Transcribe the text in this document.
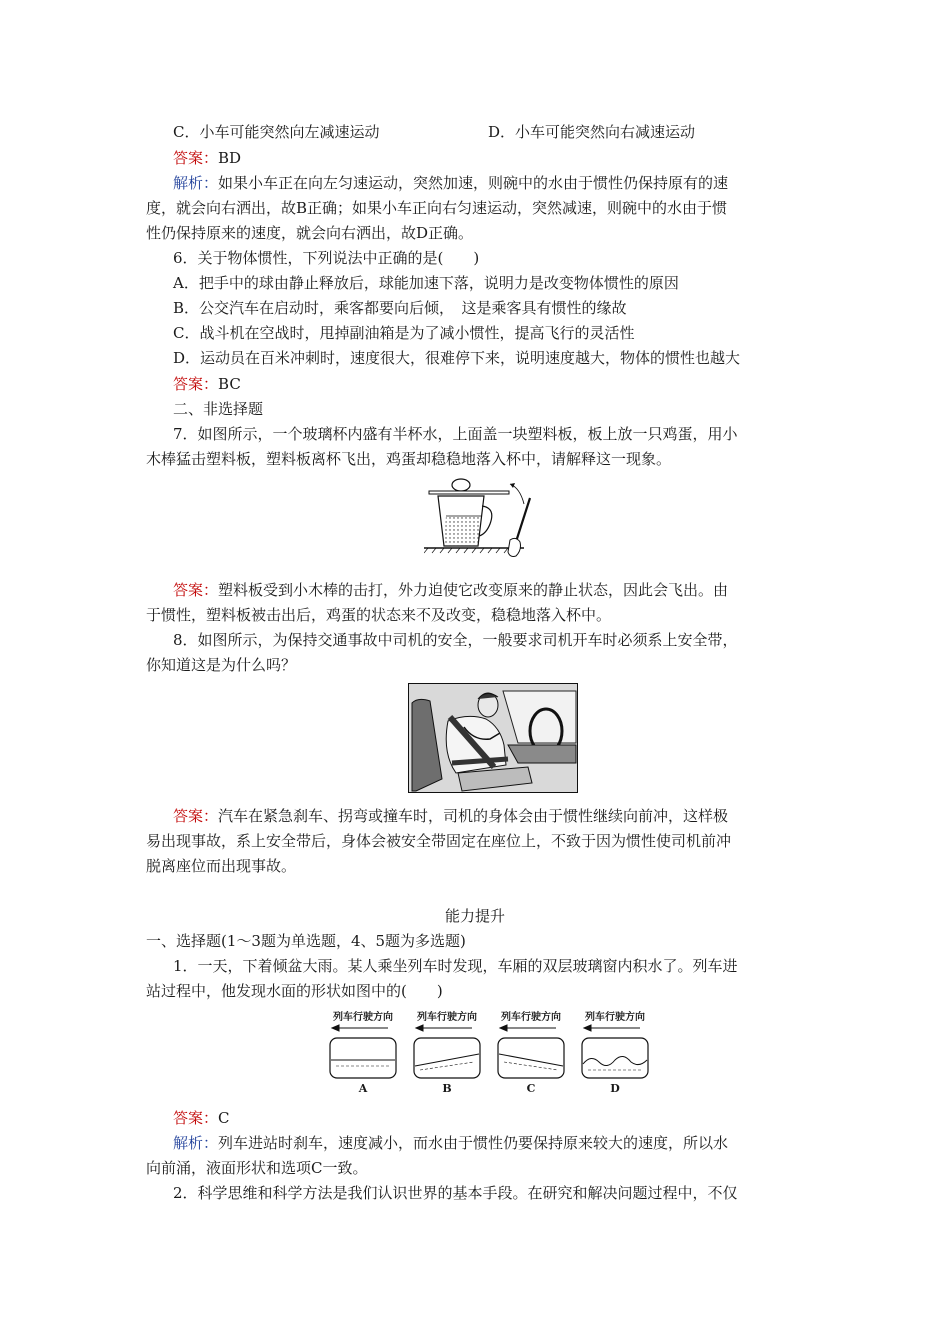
C．小车可能突然向左减速运动	D．小车可能突然向右减速运动
答案：BD
解析：如果小车正在向左匀速运动，突然加速，则碗中的水由于惯性仍保持原有的速
度，就会向右洒出，故B正确；如果小车正向右匀速运动，突然减速，则碗中的水由于惯
性仍保持原来的速度，就会向右洒出，故D正确。
6．关于物体惯性，下列说法中正确的是(　　)
A．把手中的球由静止释放后，球能加速下落，说明力是改变物体惯性的原因
B．公交汽车在启动时，乘客都要向后倾，　这是乘客具有惯性的缘故
C．战斗机在空战时，甩掉副油箱是为了减小惯性，提高飞行的灵活性
D．运动员在百米冲刺时，速度很大，很难停下来，说明速度越大，物体的惯性也越大
答案：BC
二、非选择题
7．如图所示，一个玻璃杯内盛有半杯水，上面盖一块塑料板，板上放一只鸡蛋，用小
木棒猛击塑料板，塑料板离杯飞出，鸡蛋却稳稳地落入杯中，请解释这一现象。
答案：塑料板受到小木棒的击打，外力迫使它改变原来的静止状态，因此会飞出。由
于惯性，塑料板被击出后，鸡蛋的状态来不及改变，稳稳地落入杯中。
8．如图所示，为保持交通事故中司机的安全，一般要求司机开车时必须系上安全带，
你知道这是为什么吗？
答案：汽车在紧急刹车、拐弯或撞车时，司机的身体会由于惯性继续向前冲，这样极
易出现事故，系上安全带后，身体会被安全带固定在座位上，不致于因为惯性使司机前冲
脱离座位而出现事故。
能力提升
一、选择题(1～3题为单选题，4、5题为多选题)
1．一天，下着倾盆大雨。某人乘坐列车时发现，车厢的双层玻璃窗内积水了。列车进
站过程中，他发现水面的形状如图中的(　　)
列车行驶方向	列车行驶方向	列车行驶方向	列车行驶方向
A	B	C	D
答案：C
解析：列车进站时刹车，速度减小，而水由于惯性仍要保持原来较大的速度，所以水
向前涌，液面形状和选项C一致。
2．科学思维和科学方法是我们认识世界的基本手段。在研究和解决问题过程中，不仅
